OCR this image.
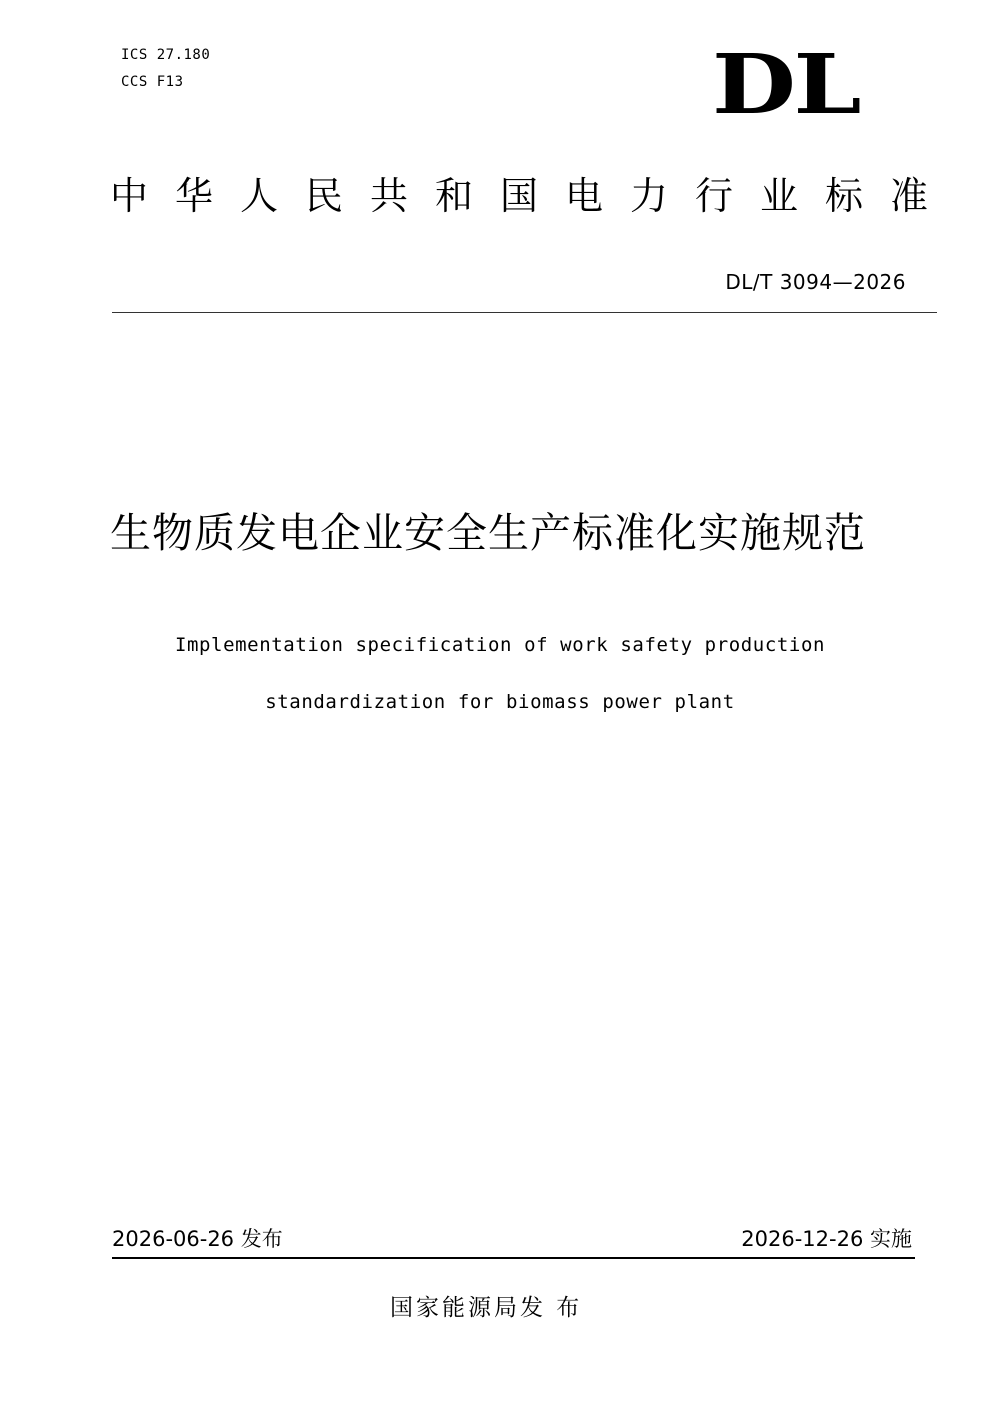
ICS 27.180
CCS F13	DL
中华人民共和国电力行业标准
DL/T 3094—2026
生物质发电企业安全生产标准化实施规范
Implementation specification of work safety production
standardization for biomass power plant
2026-06-26 发布	2026-12-26 实施
国家能源局发 布
